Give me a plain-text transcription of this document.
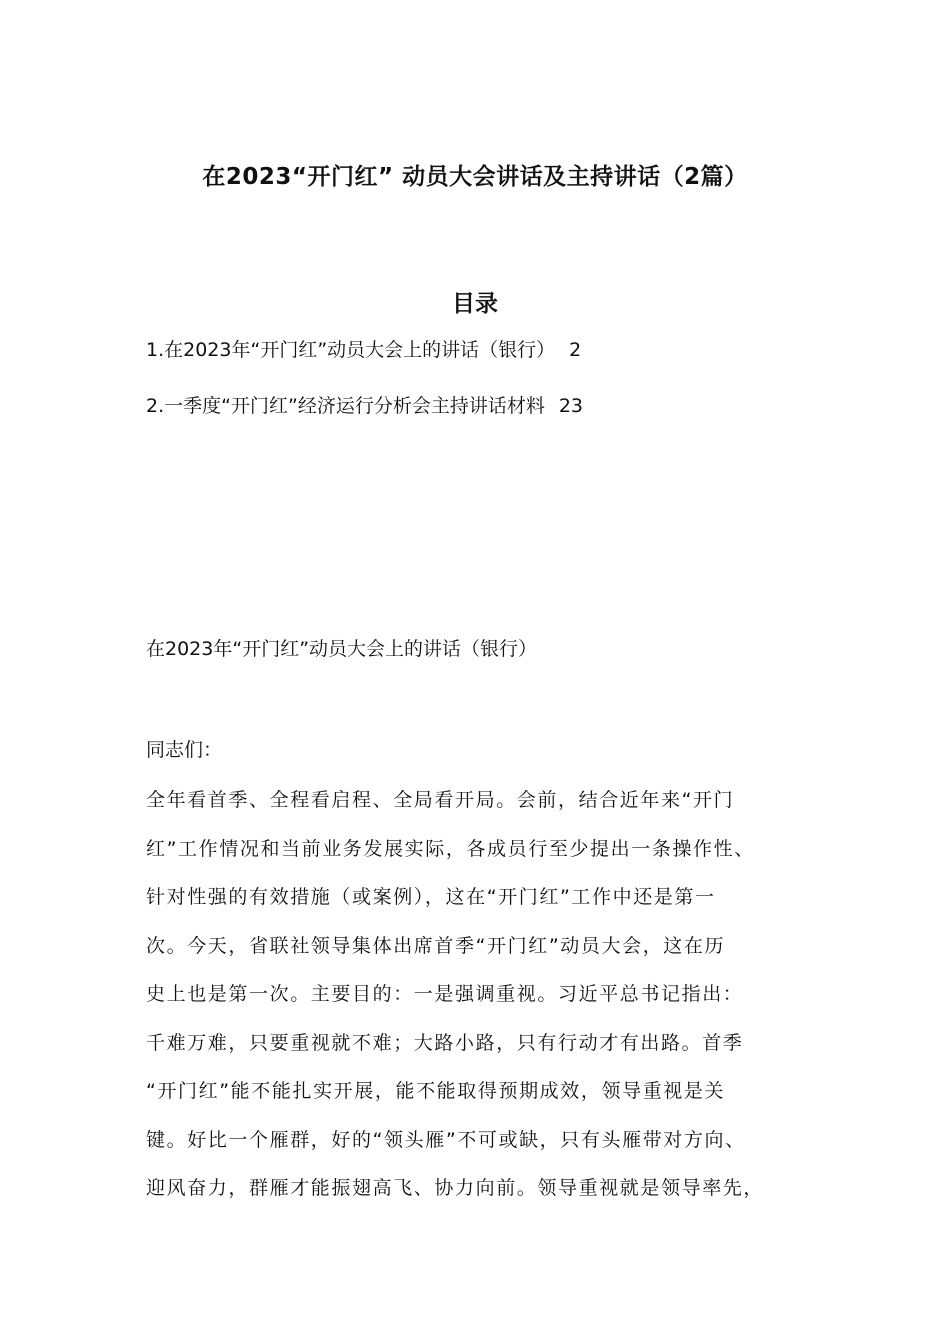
在2023“开门红” 动员大会讲话及主持讲话（2篇）
目录
1.在2023年“开门红”动员大会上的讲话（银行） 2
2.一季度“开门红”经济运行分析会主持讲话材料 23
在2023年“开门红”动员大会上的讲话（银行）
同志们：
全年看首季、全程看启程、全局看开局。会前，结合近年来“开门
红”工作情况和当前业务发展实际，各成员行至少提出一条操作性、
针对性强的有效措施（或案例），这在“开门红”工作中还是第一
次。今天，省联社领导集体出席首季“开门红”动员大会，这在历
史上也是第一次。主要目的：一是强调重视。习近平总书记指出：
千难万难，只要重视就不难；大路小路，只有行动才有出路。首季
“开门红”能不能扎实开展，能不能取得预期成效，领导重视是关
键。好比一个雁群，好的“领头雁”不可或缺，只有头雁带对方向、
迎风奋力，群雁才能振翅高飞、协力向前。领导重视就是领导率先，
